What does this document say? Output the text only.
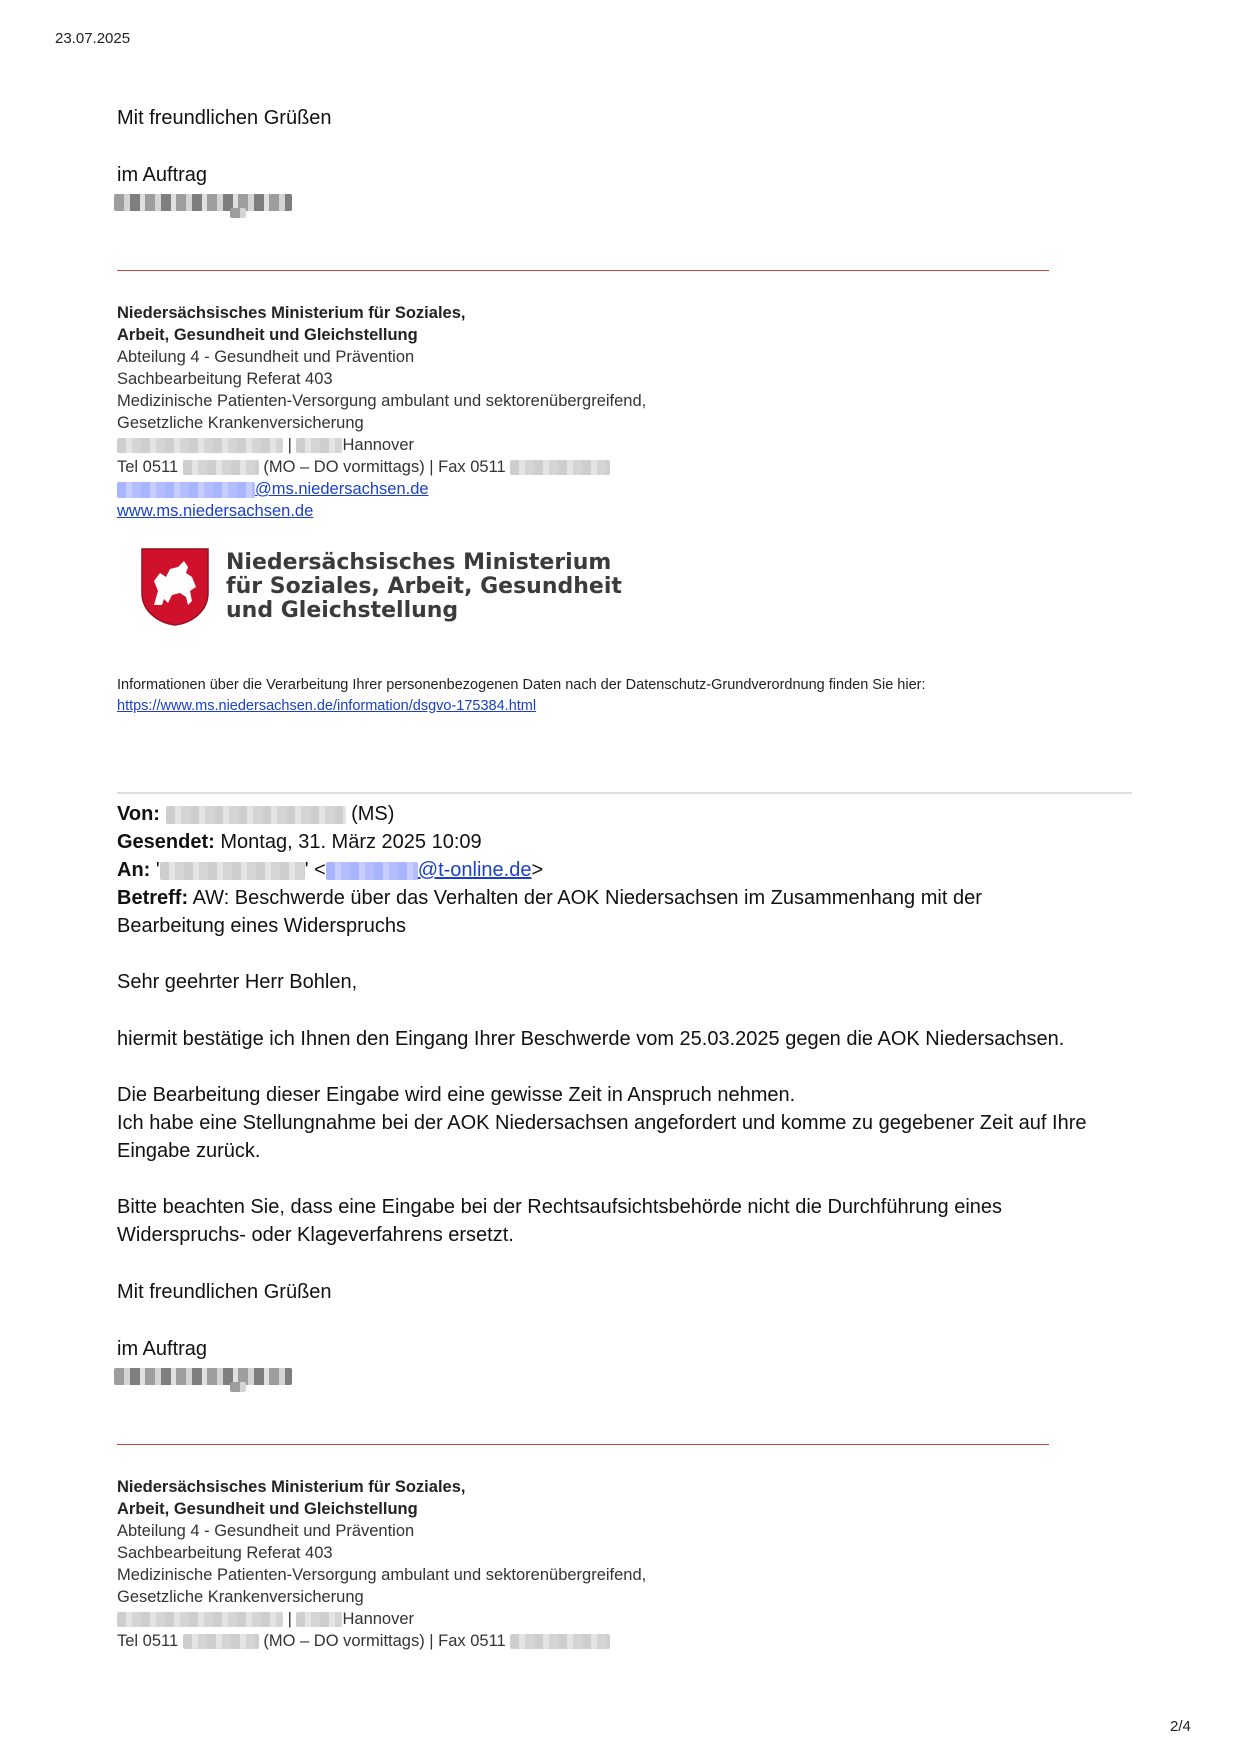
23.07.2025
Mit freundlichen Grüßen
im Auftrag
Niedersächsisches Ministerium für Soziales,
Arbeit, Gesundheit und Gleichstellung
Abteilung 4 - Gesundheit und Prävention
Sachbearbeitung Referat 403
Medizinische Patienten-Versorgung ambulant und sektorenübergreifend,
Gesetzliche Krankenversicherung
|	Hannover
Tel 0511	(MO – DO vormittags) | Fax 0511
@ms.niedersachsen.de
www.ms.niedersachsen.de
Niedersächsisches Ministerium
für Soziales, Arbeit, Gesundheit
und Gleichstellung
Informationen über die Verarbeitung Ihrer personenbezogenen Daten nach der Datenschutz-Grundverordnung finden Sie hier:
https://www.ms.niedersachsen.de/information/dsgvo-175384.html
Von:	(MS)
Gesendet: Montag, 31. März 2025 10:09
An: '	' <	@t-online.de>
Betreff: AW: Beschwerde über das Verhalten der AOK Niedersachsen im Zusammenhang mit der
Bearbeitung eines Widerspruchs
Sehr geehrter Herr Bohlen,
hiermit bestätige ich Ihnen den Eingang Ihrer Beschwerde vom 25.03.2025 gegen die AOK Niedersachsen.
Die Bearbeitung dieser Eingabe wird eine gewisse Zeit in Anspruch nehmen.
Ich habe eine Stellungnahme bei der AOK Niedersachsen angefordert und komme zu gegebener Zeit auf Ihre
Eingabe zurück.
Bitte beachten Sie, dass eine Eingabe bei der Rechtsaufsichtsbehörde nicht die Durchführung eines
Widerspruchs- oder Klageverfahrens ersetzt.
Mit freundlichen Grüßen
im Auftrag
Niedersächsisches Ministerium für Soziales,
Arbeit, Gesundheit und Gleichstellung
Abteilung 4 - Gesundheit und Prävention
Sachbearbeitung Referat 403
Medizinische Patienten-Versorgung ambulant und sektorenübergreifend,
Gesetzliche Krankenversicherung
|	Hannover
Tel 0511	(MO – DO vormittags) | Fax 0511
2/4
